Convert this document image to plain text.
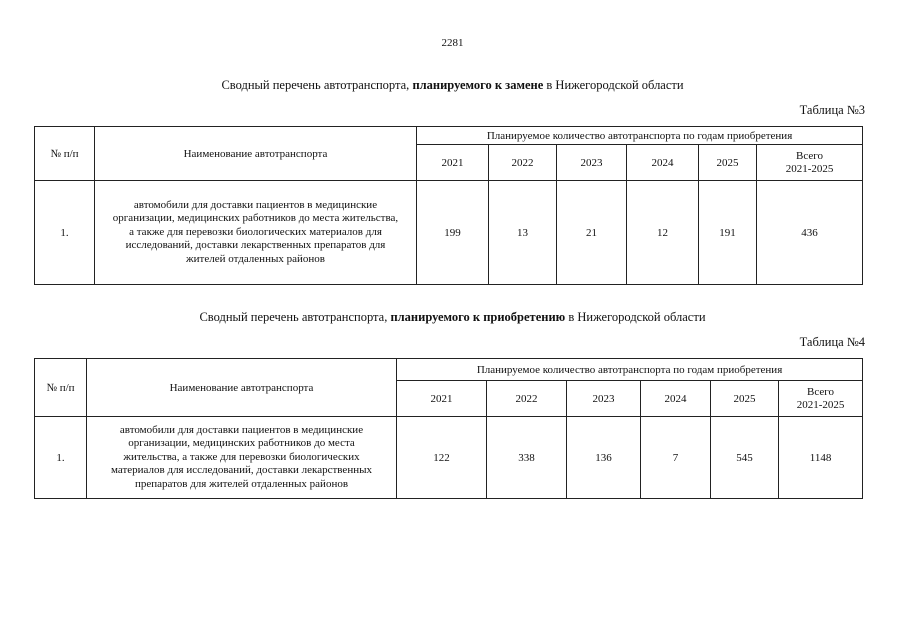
2281
Сводный перечень автотранспорта, планируемого к замене в Нижегородской области
Таблица №3
№ п/п	Наименование автотранспорта	Планируемое количество автотранспорта по годам приобретения					
		2021	2022	2023	2024	2025	Всего
2021-2025

1.	автомобили для доставки пациентов в медицинские
организации, медицинских работников до места жительства,
а также для перевозки биологических материалов для
исследований, доставки лекарственных препаратов для
жителей отдаленных районов	199	13	21	12	191	436
Сводный перечень автотранспорта, планируемого к приобретению в Нижегородской области
Таблица №4
№ п/п	Наименование автотранспорта	Планируемое количество автотранспорта по годам приобретения					
		2021	2022	2023	2024	2025	Всего
2021-2025

1.	автомобили для доставки пациентов в медицинские
организации, медицинских работников до места
жительства, а также для перевозки биологических
материалов для исследований, доставки лекарственных
препаратов для жителей отдаленных районов	122	338	136	7	545	1148
